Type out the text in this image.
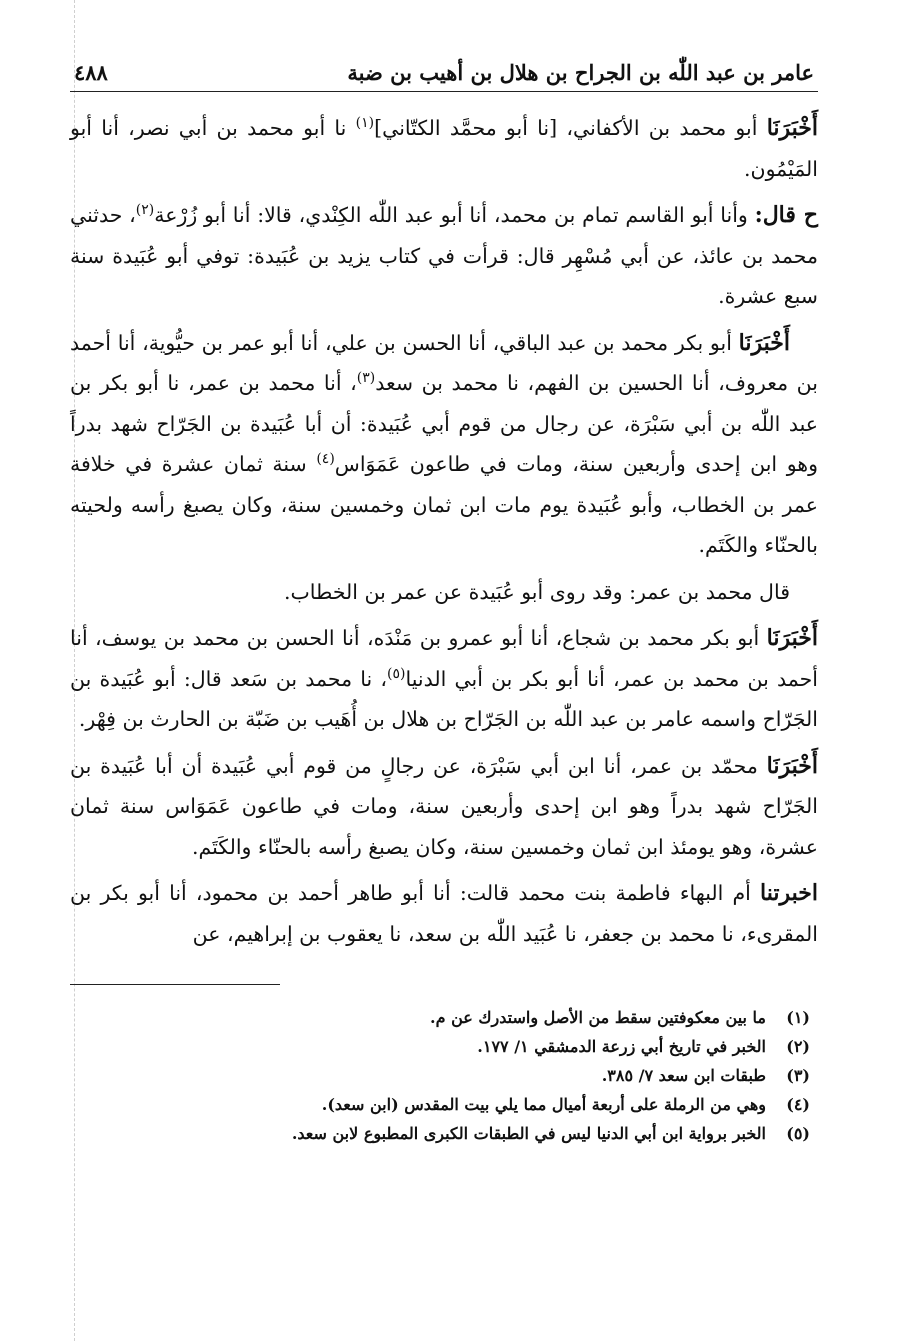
عامر بن عبد اللّٰه بن الجراح بن هلال بن أهيب بن ضبة
٤٨٨

أَخْبَرَنَا أبو محمد بن الأكفاني، [نا أبو محمَّد الكتّاني]$^{(١)}$ نا أبو محمد بن أبي نصر، أنا أبو المَيْمُون.

ح قال: وأنا أبو القاسم تمام بن محمد، أنا أبو عبد اللّٰه الكِنْدي، قالا: أنا أبو زُرْعة$^{(٢)}$، حدثني محمد بن عائذ، عن أبي مُسْهِر قال: قرأت في كتاب يزيد بن عُبَيدة: توفي أبو عُبَيدة سنة سبع عشرة.

أَخْبَرَنَا أبو بكر محمد بن عبد الباقي، أنا الحسن بن علي، أنا أبو عمر بن حيُّوية، أنا أحمد بن معروف، أنا الحسين بن الفهم، نا محمد بن سعد$^{(٣)}$، أنا محمد بن عمر، نا أبو بكر بن عبد اللّٰه بن أبي سَبْرَة، عن رجال من قوم أبي عُبَيدة: أن أبا عُبَيدة بن الجَرّاح شهد بدراً وهو ابن إحدى وأربعين سنة، ومات في طاعون عَمَوَاس$^{(٤)}$ سنة ثمان عشرة في خلافة عمر بن الخطاب، وأبو عُبَيدة يوم مات ابن ثمان وخمسين سنة، وكان يصبغ رأسه ولحيته بالحنّاء والكَتَم.

قال محمد بن عمر: وقد روى أبو عُبَيدة عن عمر بن الخطاب.

أَخْبَرَنَا أبو بكر محمد بن شجاع، أنا أبو عمرو بن مَنْدَه، أنا الحسن بن محمد بن يوسف، أنا أحمد بن محمد بن عمر، أنا أبو بكر بن أبي الدنيا$^{(٥)}$، نا محمد بن سَعد قال: أبو عُبَيدة بن الجَرّاح واسمه عامر بن عبد اللّٰه بن الجَرّاح بن هلال بن أُهَيب بن ضَبّة بن الحارث بن فِهْر.

أَخْبَرَنَا محمّد بن عمر، أنا ابن أبي سَبْرَة، عن رجالٍ من قوم أبي عُبَيدة أن أبا عُبَيدة بن الجَرّاح شهد بدراً وهو ابن إحدى وأربعين سنة، ومات في طاعون عَمَوَاس سنة ثمان عشرة، وهو يومئذ ابن ثمان وخمسين سنة، وكان يصبغ رأسه بالحنّاء والكَتَم.

اخبرتنا أم البهاء فاطمة بنت محمد قالت: أنا أبو طاهر أحمد بن محمود، أنا أبو بكر بن المقرىء، نا محمد بن جعفر، نا عُبَيد اللّٰه بن سعد، نا يعقوب بن إبراهيم، عن

(١)
ما بين معكوفتين سقط من الأصل واستدرك عن م.
(٢)
الخبر في تاريخ أبي زرعة الدمشقي ١/ ١٧٧.
(٣)
طبقات ابن سعد ٧/ ٣٨٥.
(٤)
وهي من الرملة على أربعة أميال مما يلي بيت المقدس (ابن سعد).
(٥)
الخبر برواية ابن أبي الدنيا ليس في الطبقات الكبرى المطبوع لابن سعد.
